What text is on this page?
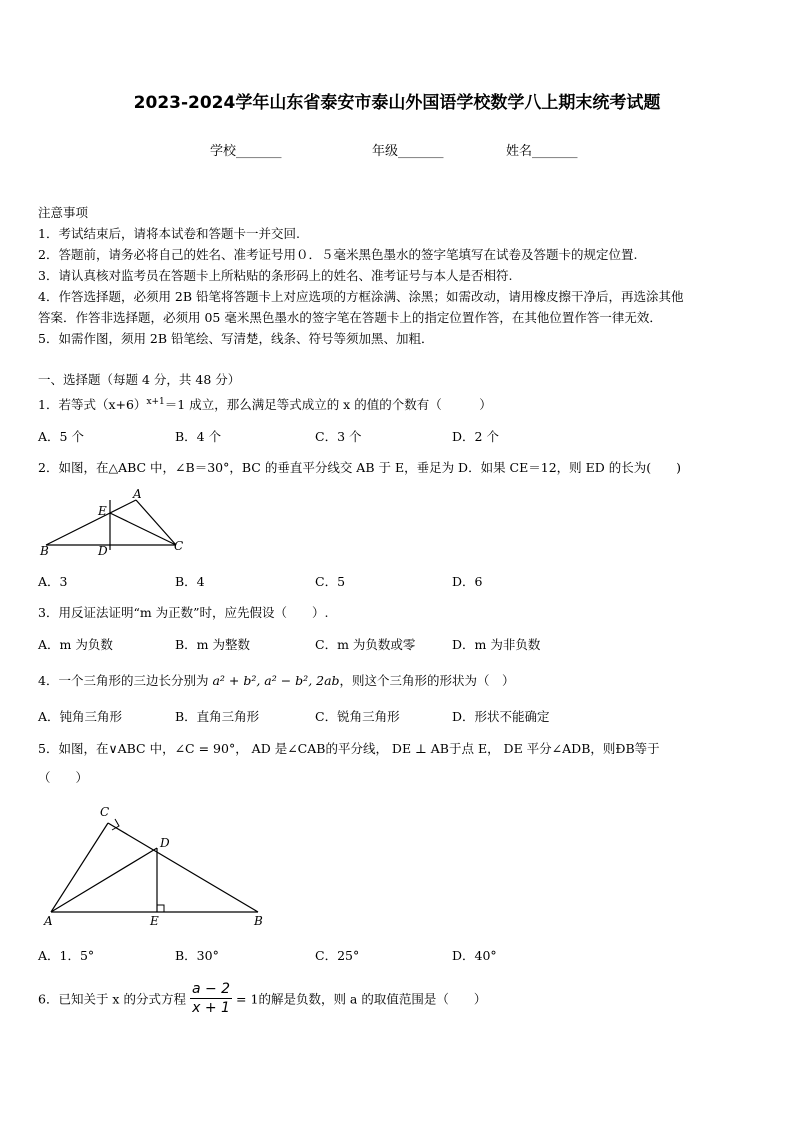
2023-2024学年山东省泰安市泰山外国语学校数学八上期末统考试题
学校_______	年级_______	姓名_______
注意事项
1．考试结束后，请将本试卷和答题卡一并交回.
2．答题前，请务必将自己的姓名、准考证号用０．５毫米黑色墨水的签字笔填写在试卷及答题卡的规定位置.
3．请认真核对监考员在答题卡上所粘贴的条形码上的姓名、准考证号与本人是否相符.
4．作答选择题，必须用 2B 铅笔将答题卡上对应选项的方框涂满、涂黑；如需改动，请用橡皮擦干净后，再选涂其他
答案．作答非选择题，必须用 05 毫米黑色墨水的签字笔在答题卡上的指定位置作答，在其他位置作答一律无效．
5．如需作图，须用 2B 铅笔绘、写清楚，线条、符号等须加黑、加粗．
一、选择题（每题 4 分，共 48 分）
1．若等式$(x+6)^{x+1}=1$ 成立，那么满足等式成立的 x 的值的个数有（　　　）
A．5 个	B．4 个	C．3 个	D．2 个
2．如图，在△ABC 中，∠B＝30°，BC 的垂直平分线交 AB 于 E，垂足为 D．如果 CE＝12，则 ED 的长为(　　)
A
E
B	D	C
A．3	B．4	C．5	D．6
3．用反证法证明“m 为正数”时，应先假设（　　）.
A．m 为负数	B．m 为整数	C．m 为负数或零	D．m 为非负数
4．一个三角形的三边长分别为 a² + b², a² − b², 2ab，则这个三角形的形状为（　）
A．钝角三角形	B．直角三角形	C．锐角三角形	D．形状不能确定
5．如图，在∨ABC 中，∠C = 90°， AD 是∠CAB的平分线， DE ⊥ AB于点 E， DE 平分∠ADB，则ÐB等于
（　　）
C
D
A	E	B
A．1．5°	B．30°	C．25°	D．40°
6．已知关于 x 的分式方程 $\frac{a - 2}{x + 1} = 1$的解是负数，则 a 的取值范围是（　　）
